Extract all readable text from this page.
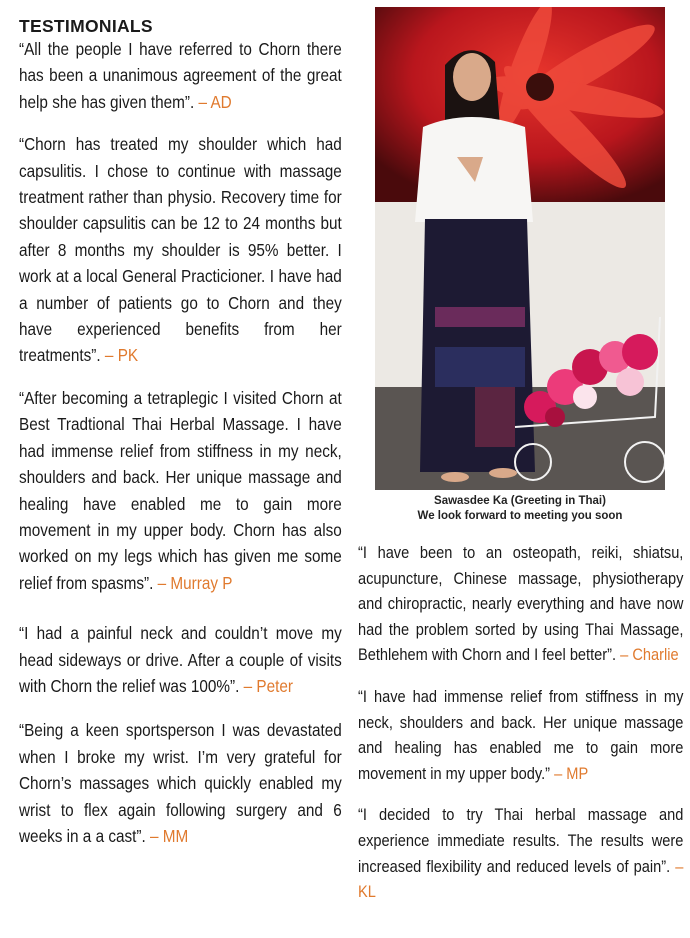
TESTIMONIALS

“All the people I have referred to Chorn there has been a unanimous agreement of the great help she has given them”. – AD

“Chorn has treated my shoulder which had capsulitis. I chose to continue with massage treatment rather than physio. Recovery time for shoulder capsulitis can be 12 to 24 months but after 8 months my shoulder is 95% better. I work at a local General Practicioner. I have had a number of patients go to Chorn and they have experienced benefits from her treatments”. – PK

“After becoming a tetraplegic I visited Chorn at Best Tradtional Thai Herbal Massage. I have had immense relief from stiffness in my neck, shoulders and back. Her unique massage and healing have enabled me to gain more movement in my upper body. Chorn has also worked on my legs which has given me some relief from spasms”. – Murray P

“I had a painful neck and couldn’t move my head sideways or drive. After a couple of visits with Chorn the relief was 100%”. – Peter

“Being a keen sportsperson I was devastated when I broke my wrist. I’m very grateful for Chorn’s massages which quickly enabled my wrist to flex again following surgery and 6 weeks in a a cast”. – MM

Sawasdee Ka (Greeting in Thai)
We look forward to meeting you soon

“I have been to an osteopath, reiki, shiatsu, acupuncture, Chinese massage, physiotherapy and chiropractic, nearly everything and have now had the problem sorted by using Thai Massage, Bethlehem with Chorn and I feel better”. – Charlie

“I have had immense relief from stiffness in my neck, shoulders and back. Her unique massage and healing has enabled me to gain more movement in my upper body.” – MP

“I decided to try Thai herbal massage and experience immediate results. The results were increased flexibility and reduced levels of pain”. – KL
